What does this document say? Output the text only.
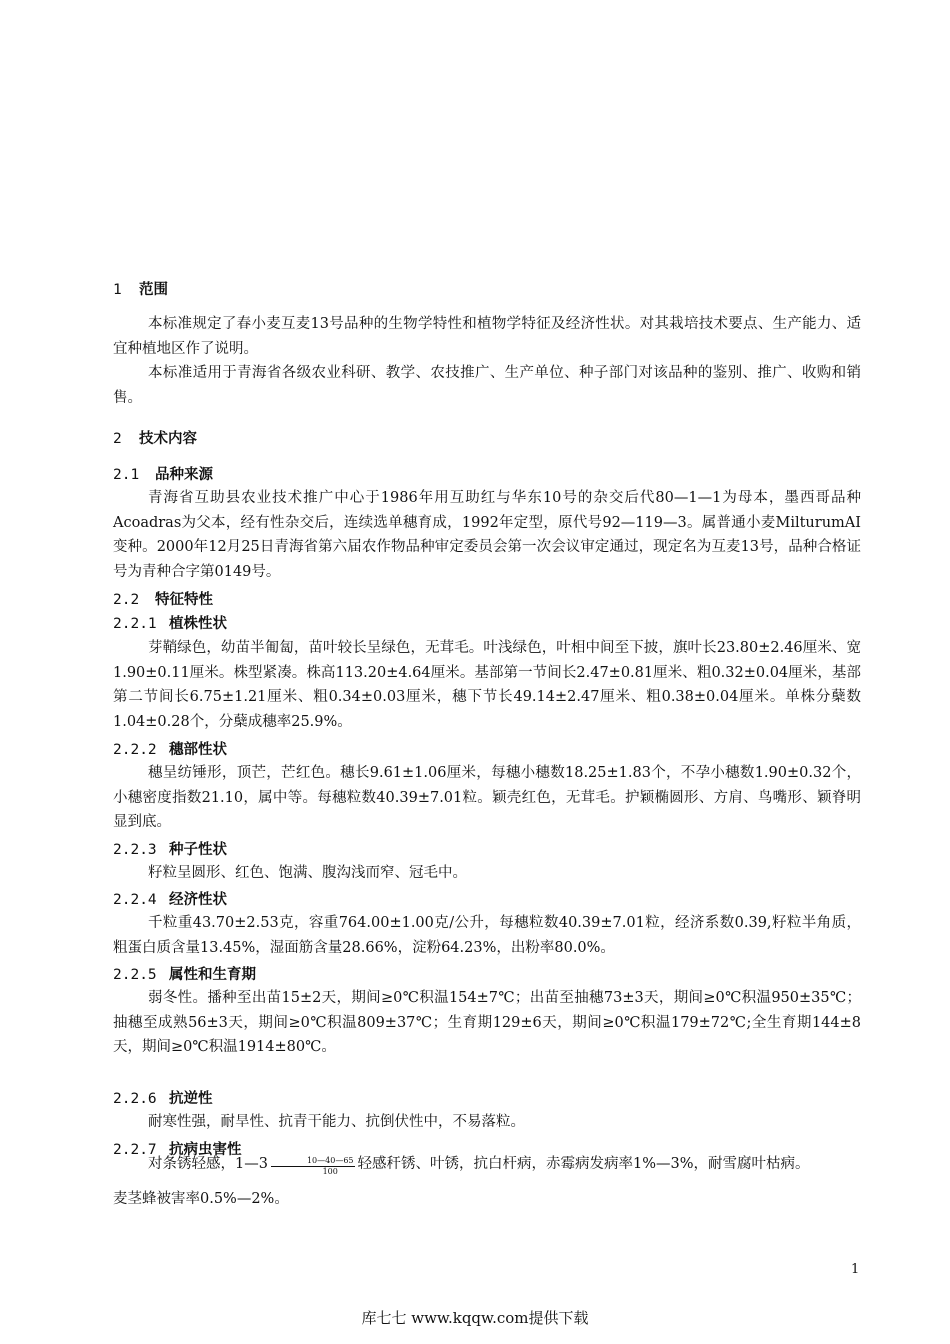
1 范围

本标准规定了春小麦互麦13号品种的生物学特性和植物学特征及经济性状。对其栽培技术要点、生产能力、适宜种植地区作了说明。

本标准适用于青海省各级农业科研、教学、农技推广、生产单位、种子部门对该品种的鉴别、推广、收购和销售。

2 技术内容
2.1 品种来源

青海省互助县农业技术推广中心于1986年用互助红与华东10号的杂交后代80—1—1为母本，墨西哥品种Acoadras为父本，经有性杂交后，连续选单穗育成，1992年定型，原代号92—119—3。属普通小麦MilturumAI变种。2000年12月25日青海省第六届农作物品种审定委员会第一次会议审定通过，现定名为互麦13号，品种合格证号为青种合字第0149号。

2.2 特征特性
2.2.1 植株性状

芽鞘绿色，幼苗半匍匐，苗叶较长呈绿色，无茸毛。叶浅绿色，叶相中间至下披，旗叶长23.80±2.46厘米、宽1.90±0.11厘米。株型紧凑。株高113.20±4.64厘米。基部第一节间长2.47±0.81厘米、粗0.32±0.04厘米，基部第二节间长6.75±1.21厘米、粗0.34±0.03厘米，穗下节长49.14±2.47厘米、粗0.38±0.04厘米。单株分蘖数1.04±0.28个，分蘖成穗率25.9%。

2.2.2 穗部性状

穗呈纺锤形，顶芒，芒红色。穗长9.61±1.06厘米，每穗小穗数18.25±1.83个，不孕小穗数1.90±0.32个，小穗密度指数21.10，属中等。每穗粒数40.39±7.01粒。颖壳红色，无茸毛。护颖椭圆形、方肩、鸟嘴形、颖脊明显到底。

2.2.3 种子性状

籽粒呈圆形、红色、饱满、腹沟浅而窄、冠毛中。

2.2.4 经济性状

千粒重43.70±2.53克，容重764.00±1.00克/公升，每穗粒数40.39±7.01粒，经济系数0.39,籽粒半角质，粗蛋白质含量13.45%，湿面筋含量28.66%，淀粉64.23%，出粉率80.0%。

2.2.5 属性和生育期

弱冬性。播种至出苗15±2天，期间≥0℃积温154±7℃；出苗至抽穗73±3天，期间≥0℃积温950±35℃；抽穗至成熟56±3天，期间≥0℃积温809±37℃；生育期129±6天，期间≥0℃积温179±72℃;全生育期144±8天，期间≥0℃积温1914±80℃。

2.2.6 抗逆性

耐寒性强，耐旱性、抗青干能力、抗倒伏性中，不易落粒。

2.2.7 抗病虫害性

对条锈轻感，1—3 $\frac{10—40—65}{100}$ 轻感秆锈、叶锈，抗白杆病，赤霉病发病率1%—3%，耐雪腐叶枯病。

麦茎蜂被害率0.5%—2%。

1
库七七 www.kqqw.com提供下载
